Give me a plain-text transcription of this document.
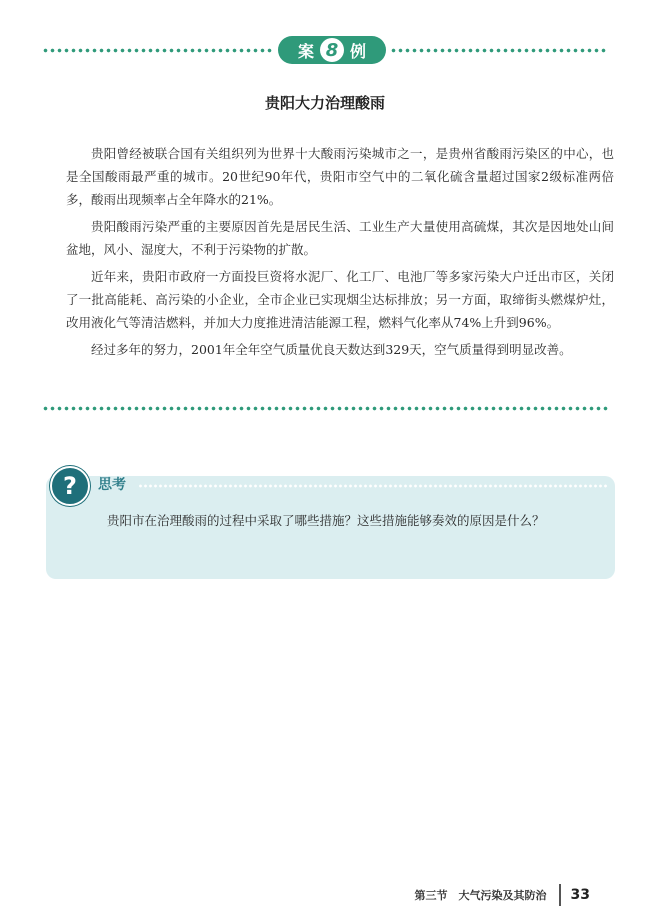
案 8 例
贵阳大力治理酸雨

贵阳曾经被联合国有关组织列为世界十大酸雨污染城市之一，是贵州省酸雨污染区的中心，也是全国酸雨最严重的城市。20世纪90年代，贵阳市空气中的二氧化硫含量超过国家2级标准两倍多，酸雨出现频率占全年降水的21%。

贵阳酸雨污染严重的主要原因首先是居民生活、工业生产大量使用高硫煤，其次是因地处山间盆地，风小、湿度大，不利于污染物的扩散。

近年来，贵阳市政府一方面投巨资将水泥厂、化工厂、电池厂等多家污染大户迁出市区，关闭了一批高能耗、高污染的小企业，全市企业已实现烟尘达标排放；另一方面，取缔街头燃煤炉灶，改用液化气等清洁燃料，并加大力度推进清洁能源工程，燃料气化率从74%上升到96%。

经过多年的努力，2001年全年空气质量优良天数达到329天，空气质量得到明显改善。

?	思考

贵阳市在治理酸雨的过程中采取了哪些措施？这些措施能够奏效的原因是什么？

第三节　大气污染及其防治 33
